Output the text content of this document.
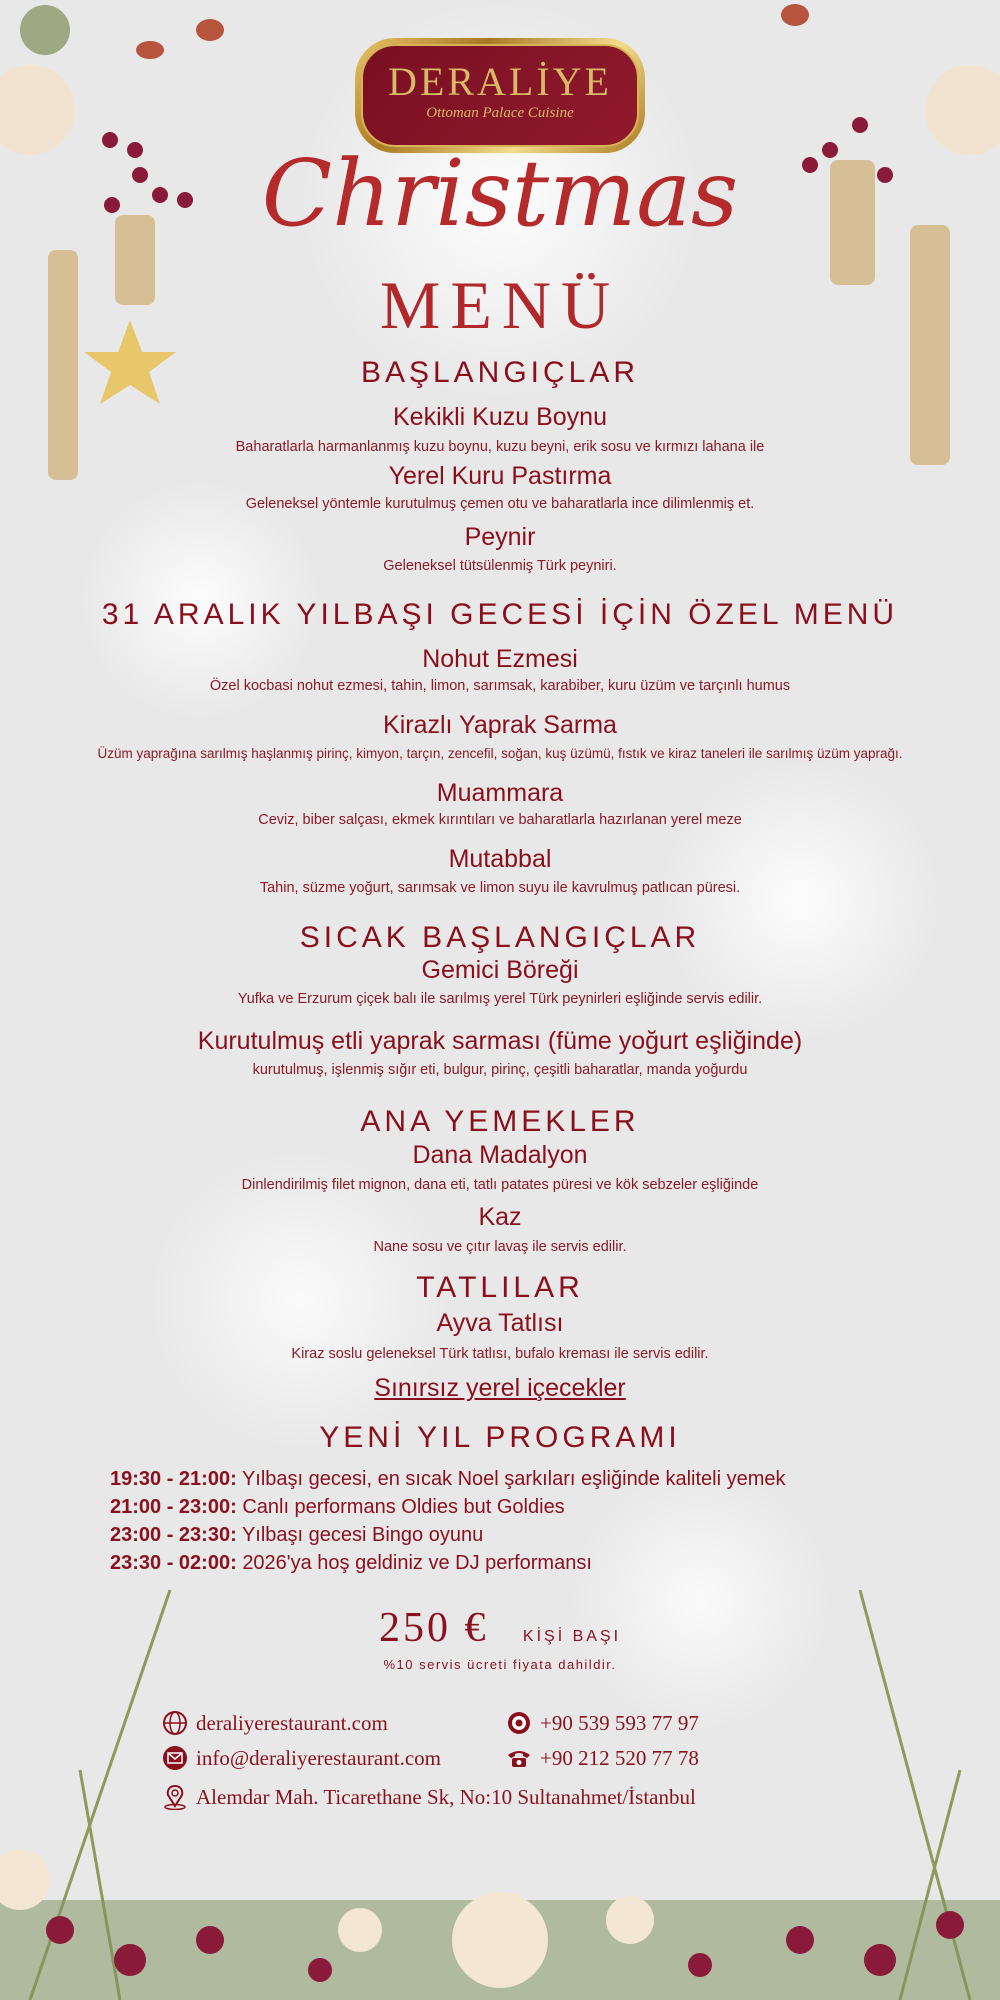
DERALİYE
Ottoman Palace Cuisine
Christmas
MENÜ
BAŞLANGIÇLAR
Kekikli Kuzu Boynu
Baharatlarla harmanlanmış kuzu boynu, kuzu beyni, erik sosu ve kırmızı lahana ile
Yerel Kuru Pastırma
Geleneksel yöntemle kurutulmuş çemen otu ve baharatlarla ince dilimlenmiş et.
Peynir
Geleneksel tütsülenmiş Türk peyniri.
31 ARALIK YILBAŞI GECESİ İÇİN ÖZEL MENÜ
Nohut Ezmesi
Özel kocbasi nohut ezmesi, tahin, limon, sarımsak, karabiber, kuru üzüm ve tarçınlı humus
Kirazlı Yaprak Sarma
Üzüm yaprağına sarılmış haşlanmış pirinç, kimyon, tarçın, zencefil, soğan, kuş üzümü, fıstık ve kiraz taneleri ile sarılmış üzüm yaprağı.
Muammara
Ceviz, biber salçası, ekmek kırıntıları ve baharatlarla hazırlanan yerel meze
Mutabbal
Tahin, süzme yoğurt, sarımsak ve limon suyu ile kavrulmuş patlıcan püresi.
SICAK BAŞLANGIÇLAR
Gemici Böreği
Yufka ve Erzurum çiçek balı ile sarılmış yerel Türk peynirleri eşliğinde servis edilir.
Kurutulmuş etli yaprak sarması (füme yoğurt eşliğinde)
kurutulmuş, işlenmiş sığır eti, bulgur, pirinç, çeşitli baharatlar, manda yoğurdu
ANA YEMEKLER
Dana Madalyon
Dinlendirilmiş filet mignon, dana eti, tatlı patates püresi ve kök sebzeler eşliğinde
Kaz
Nane sosu ve çıtır lavaş ile servis edilir.
TATLILAR
Ayva Tatlısı
Kiraz soslu geleneksel Türk tatlısı, bufalo kreması ile servis edilir.
Sınırsız yerel içecekler
YENİ YIL PROGRAMI
19:30 - 21:00: Yılbaşı gecesi, en sıcak Noel şarkıları eşliğinde kaliteli yemek
21:00 - 23:00: Canlı performans Oldies but Goldies
23:00 - 23:30: Yılbaşı gecesi Bingo oyunu
23:30 - 02:00: 2026'ya hoş geldiniz ve DJ performansı
250 € KİŞİ BAŞI
%10 servis ücreti fiyata dahildir.
deraliyerestaurant.com
info@deraliyerestaurant.com
Alemdar Mah. Ticarethane Sk, No:10 Sultanahmet/İstanbul
+90 539 593 77 97
+90 212 520 77 78
